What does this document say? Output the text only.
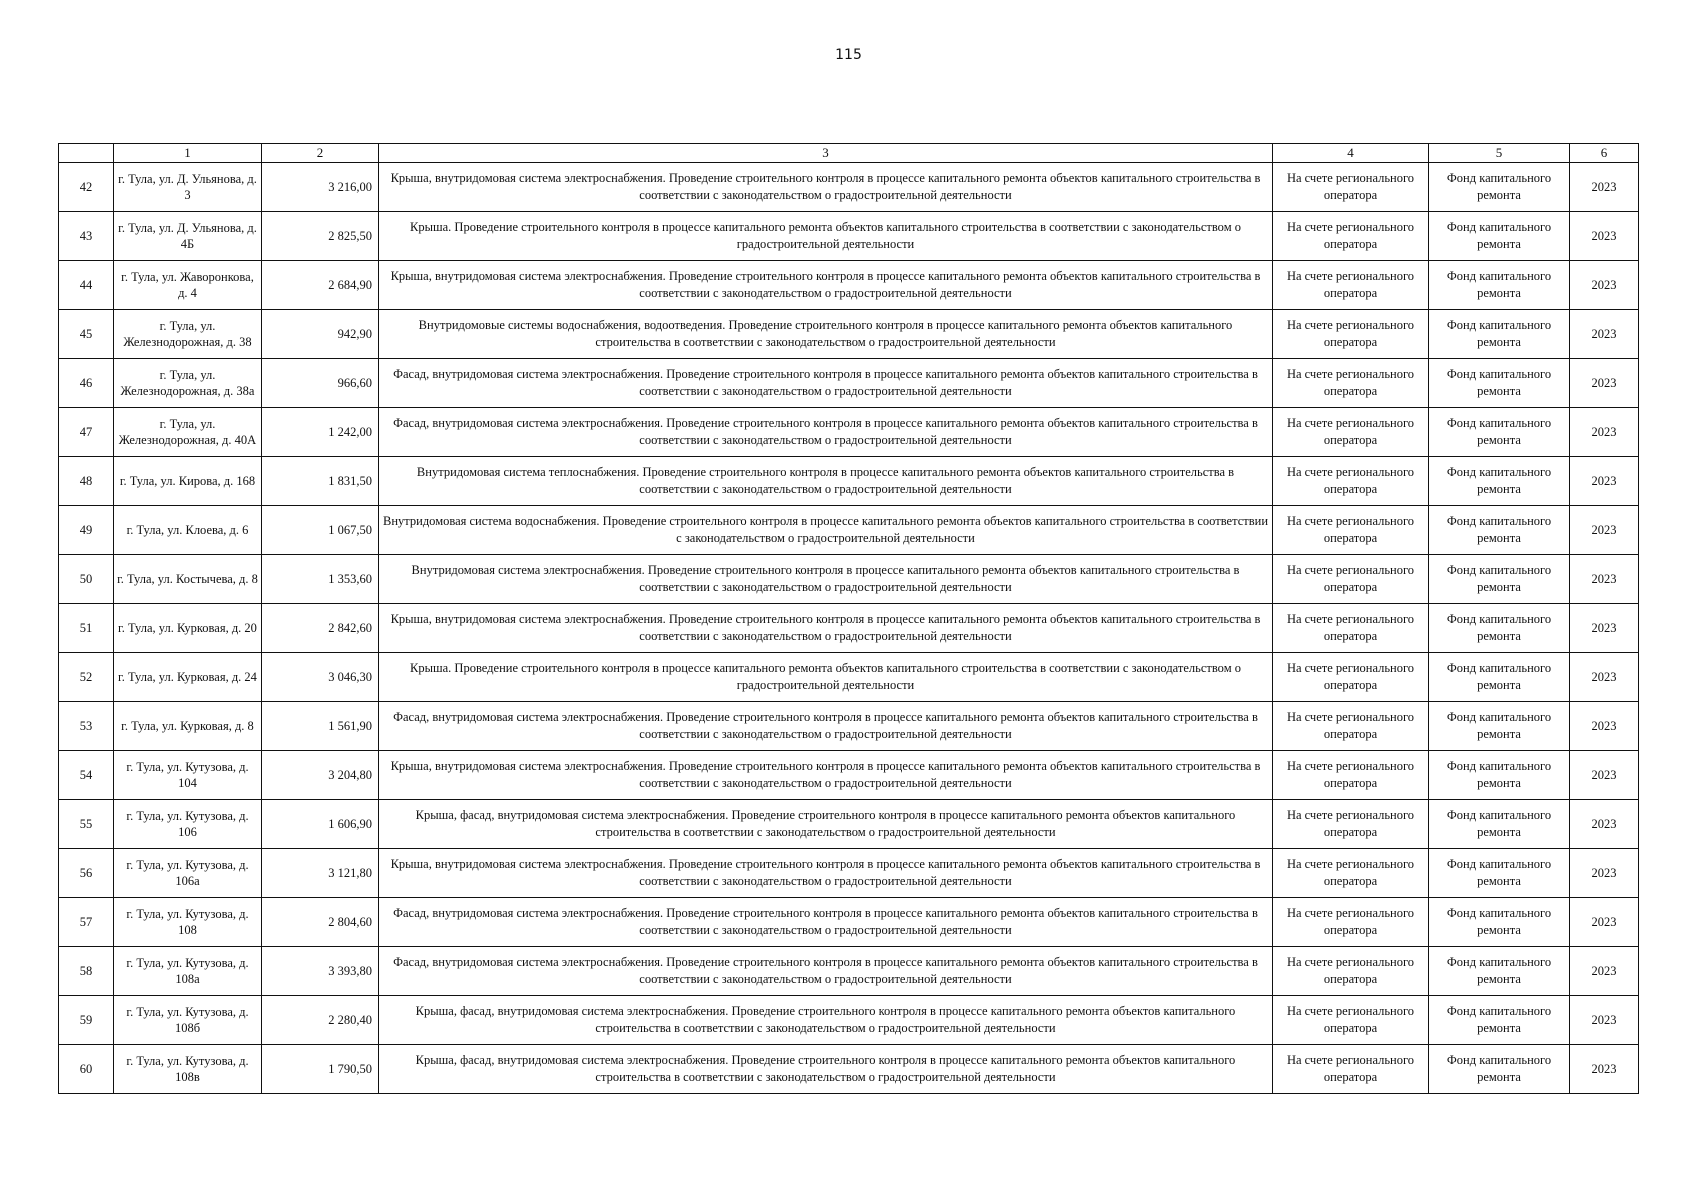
115
	1	2	3	4	5	6
42	г. Тула, ул. Д. Ульянова, д. 3	3 216,00	Крыша, внутридомовая система электроснабжения. Проведение строительного контроля в процессе капитального ремонта объектов капитального строительства в соответствии с законодательством о градостроительной деятельности	На счете регионального оператора	Фонд капитального ремонта	2023
43	г. Тула, ул. Д. Ульянова, д. 4Б	2 825,50	Крыша. Проведение строительного контроля в процессе капитального ремонта объектов капитального строительства в соответствии с законодательством о градостроительной деятельности	На счете регионального оператора	Фонд капитального ремонта	2023
44	г. Тула, ул. Жаворонкова, д. 4	2 684,90	Крыша, внутридомовая система электроснабжения. Проведение строительного контроля в процессе капитального ремонта объектов капитального строительства в соответствии с законодательством о градостроительной деятельности	На счете регионального оператора	Фонд капитального ремонта	2023
45	г. Тула, ул. Железнодорожная, д. 38	942,90	Внутридомовые системы водоснабжения, водоотведения. Проведение строительного контроля в процессе капитального ремонта объектов капитального строительства в соответствии с законодательством о градостроительной деятельности	На счете регионального оператора	Фонд капитального ремонта	2023
46	г. Тула, ул. Железнодорожная, д. 38а	966,60	Фасад, внутридомовая система электроснабжения. Проведение строительного контроля в процессе капитального ремонта объектов капитального строительства в соответствии с законодательством о градостроительной деятельности	На счете регионального оператора	Фонд капитального ремонта	2023
47	г. Тула, ул. Железнодорожная, д. 40А	1 242,00	Фасад, внутридомовая система электроснабжения. Проведение строительного контроля в процессе капитального ремонта объектов капитального строительства в соответствии с законодательством о градостроительной деятельности	На счете регионального оператора	Фонд капитального ремонта	2023
48	г. Тула, ул. Кирова, д. 168	1 831,50	Внутридомовая система теплоснабжения. Проведение строительного контроля в процессе капитального ремонта объектов капитального строительства в соответствии с законодательством о градостроительной деятельности	На счете регионального оператора	Фонд капитального ремонта	2023
49	г. Тула, ул. Клоева, д. 6	1 067,50	Внутридомовая система водоснабжения. Проведение строительного контроля в процессе капитального ремонта объектов капитального строительства в соответствии с законодательством о градостроительной деятельности	На счете регионального оператора	Фонд капитального ремонта	2023
50	г. Тула, ул. Костычева, д. 8	1 353,60	Внутридомовая система электроснабжения. Проведение строительного контроля в процессе капитального ремонта объектов капитального строительства в соответствии с законодательством о градостроительной деятельности	На счете регионального оператора	Фонд капитального ремонта	2023
51	г. Тула, ул. Курковая, д. 20	2 842,60	Крыша, внутридомовая система электроснабжения. Проведение строительного контроля в процессе капитального ремонта объектов капитального строительства в соответствии с законодательством о градостроительной деятельности	На счете регионального оператора	Фонд капитального ремонта	2023
52	г. Тула, ул. Курковая, д. 24	3 046,30	Крыша. Проведение строительного контроля в процессе капитального ремонта объектов капитального строительства в соответствии с законодательством о градостроительной деятельности	На счете регионального оператора	Фонд капитального ремонта	2023
53	г. Тула, ул. Курковая, д. 8	1 561,90	Фасад, внутридомовая система электроснабжения. Проведение строительного контроля в процессе капитального ремонта объектов капитального строительства в соответствии с законодательством о градостроительной деятельности	На счете регионального оператора	Фонд капитального ремонта	2023
54	г. Тула, ул. Кутузова, д. 104	3 204,80	Крыша, внутридомовая система электроснабжения. Проведение строительного контроля в процессе капитального ремонта объектов капитального строительства в соответствии с законодательством о градостроительной деятельности	На счете регионального оператора	Фонд капитального ремонта	2023
55	г. Тула, ул. Кутузова, д. 106	1 606,90	Крыша, фасад, внутридомовая система электроснабжения. Проведение строительного контроля в процессе капитального ремонта объектов капитального строительства в соответствии с законодательством о градостроительной деятельности	На счете регионального оператора	Фонд капитального ремонта	2023
56	г. Тула, ул. Кутузова, д. 106а	3 121,80	Крыша, внутридомовая система электроснабжения. Проведение строительного контроля в процессе капитального ремонта объектов капитального строительства в соответствии с законодательством о градостроительной деятельности	На счете регионального оператора	Фонд капитального ремонта	2023
57	г. Тула, ул. Кутузова, д. 108	2 804,60	Фасад, внутридомовая система электроснабжения. Проведение строительного контроля в процессе капитального ремонта объектов капитального строительства в соответствии с законодательством о градостроительной деятельности	На счете регионального оператора	Фонд капитального ремонта	2023
58	г. Тула, ул. Кутузова, д. 108а	3 393,80	Фасад, внутридомовая система электроснабжения. Проведение строительного контроля в процессе капитального ремонта объектов капитального строительства в соответствии с законодательством о градостроительной деятельности	На счете регионального оператора	Фонд капитального ремонта	2023
59	г. Тула, ул. Кутузова, д. 108б	2 280,40	Крыша, фасад, внутридомовая система электроснабжения. Проведение строительного контроля в процессе капитального ремонта объектов капитального строительства в соответствии с законодательством о градостроительной деятельности	На счете регионального оператора	Фонд капитального ремонта	2023
60	г. Тула, ул. Кутузова, д. 108в	1 790,50	Крыша, фасад, внутридомовая система электроснабжения. Проведение строительного контроля в процессе капитального ремонта объектов капитального строительства в соответствии с законодательством о градостроительной деятельности	На счете регионального оператора	Фонд капитального ремонта	2023
